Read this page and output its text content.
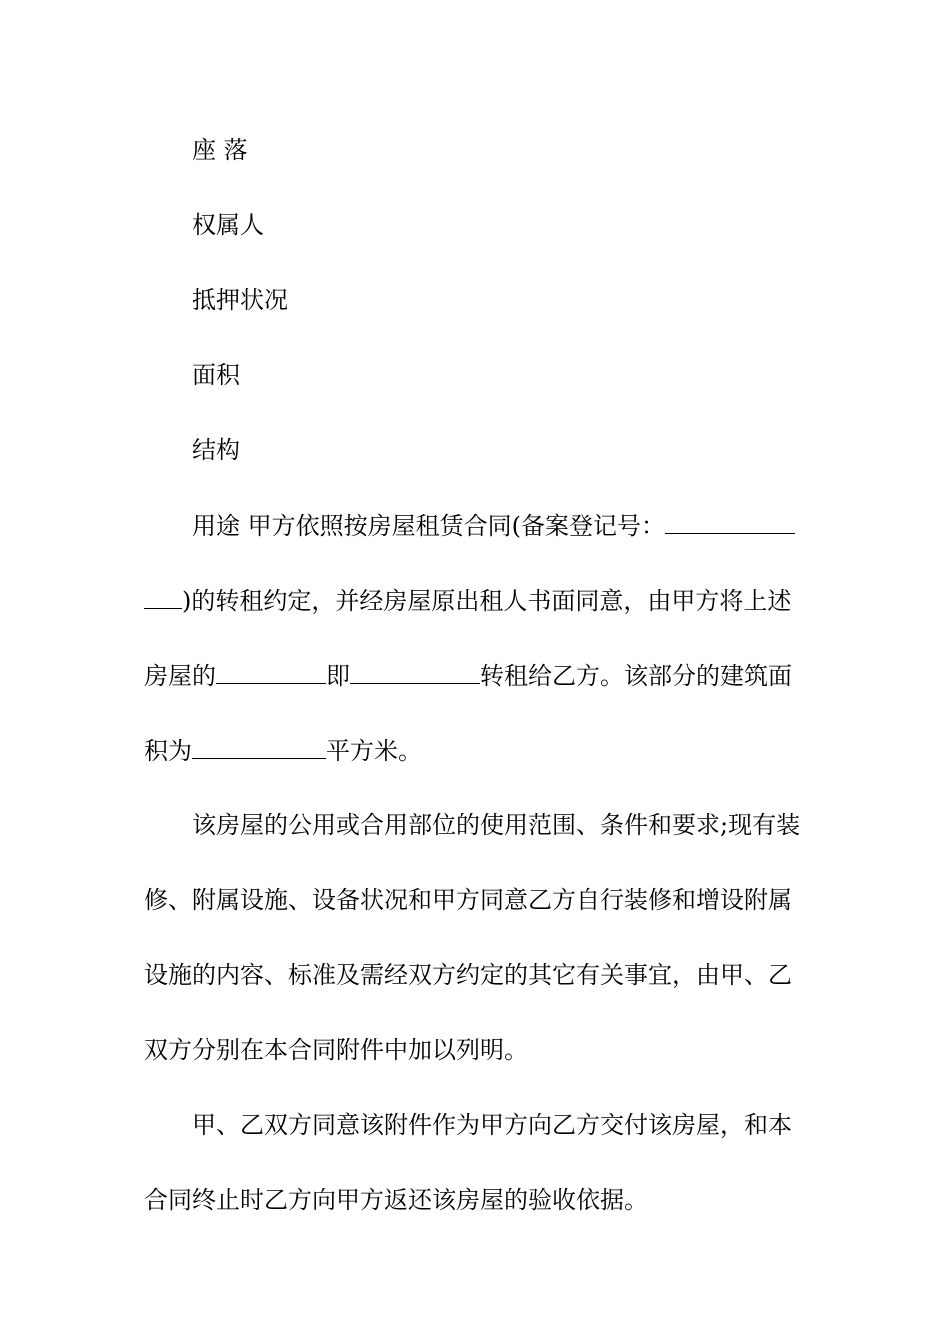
座 落
权属人
抵押状况
面积
结构
用途 甲方依照按房屋租赁合同(备案登记号：
)的转租约定，并经房屋原出租人书面同意，由甲方将上述
房屋的	即	转租给乙方。该部分的建筑面
积为	平方米。
该房屋的公用或合用部位的使用范围、条件和要求;现有装
修、附属设施、设备状况和甲方同意乙方自行装修和增设附属
设施的内容、标准及需经双方约定的其它有关事宜，由甲、乙
双方分别在本合同附件中加以列明。
甲、乙双方同意该附件作为甲方向乙方交付该房屋，和本
合同终止时乙方向甲方返还该房屋的验收依据。
